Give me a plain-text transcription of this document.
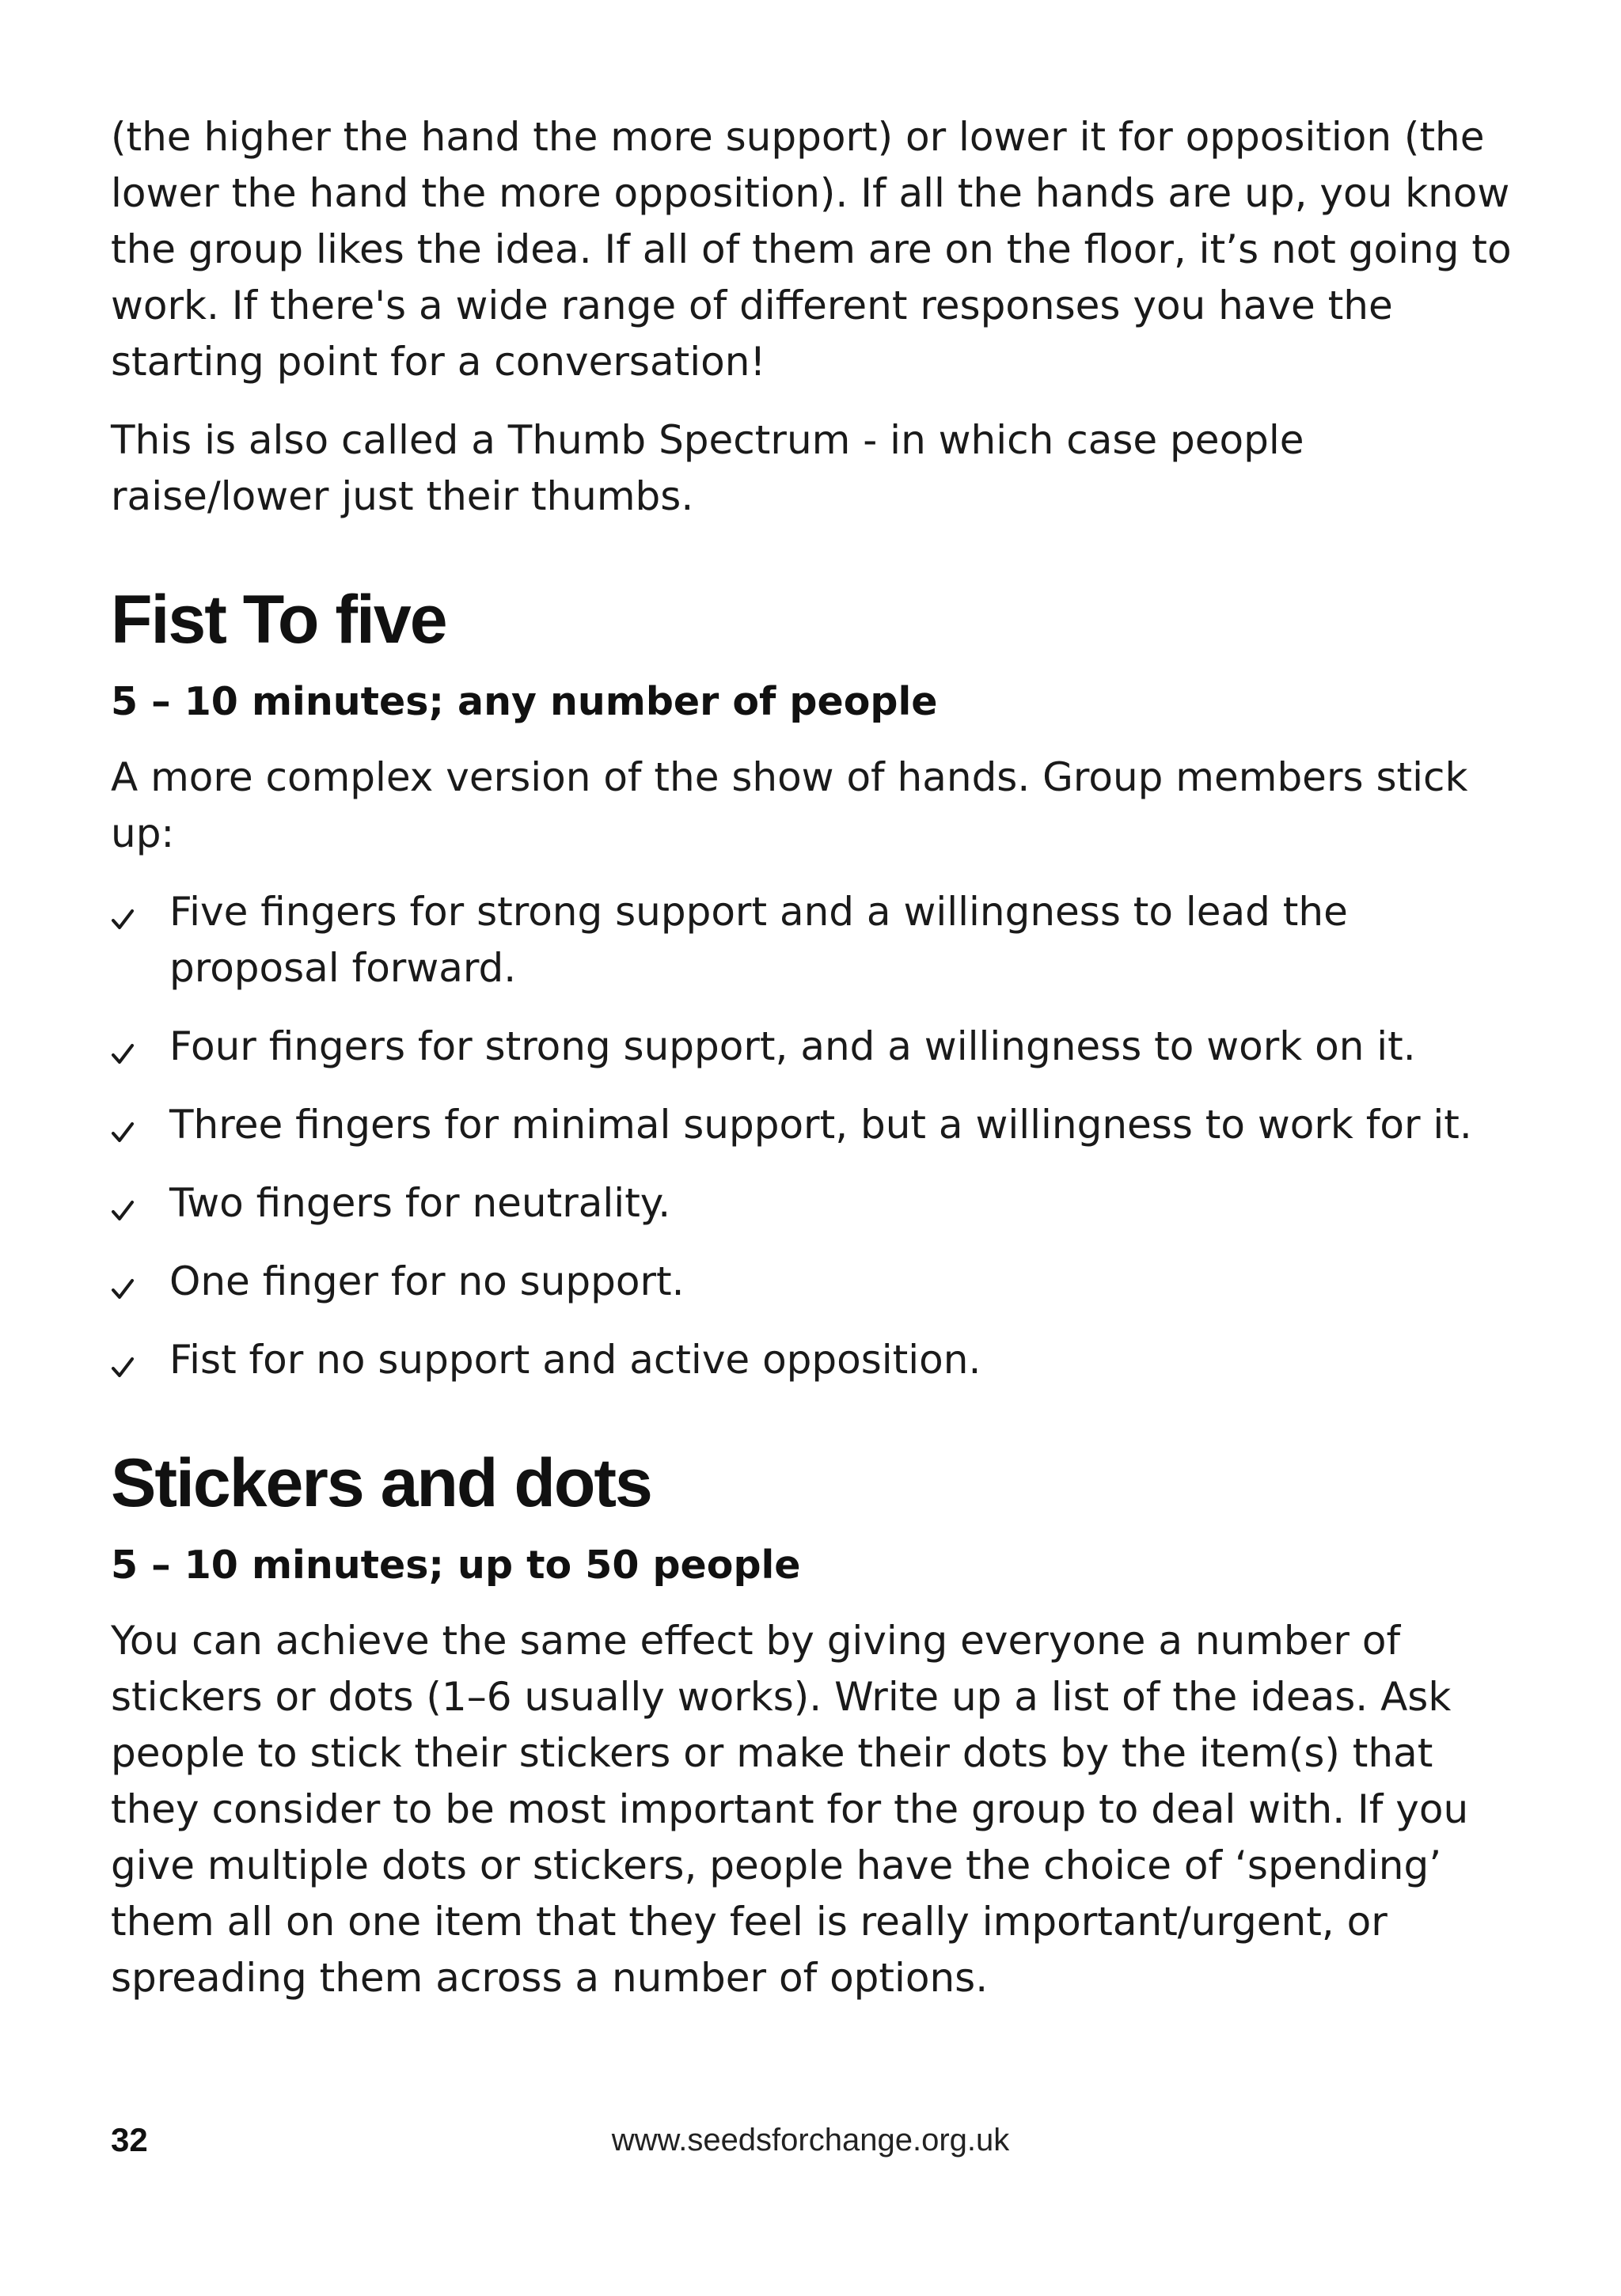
(the higher the hand the more support) or lower it for opposition (the lower the hand the more opposition). If all the hands are up, you know the group likes the idea. If all of them are on the floor, it’s not going to work. If there's a wide range of different responses you have the starting point for a conversation!

This is also called a Thumb Spectrum - in which case people raise/lower just their thumbs.

Fist To five
5 – 10 minutes; any number of people

A more complex version of the show of hands. Group members stick up:

Five fingers for strong support and a willingness to lead the proposal forward.
Four fingers for strong support, and a willingness to work on it.
Three fingers for minimal support, but a willingness to work for it.
Two fingers for neutrality.
One finger for no support.
Fist for no support and active opposition.
Stickers and dots
5 – 10 minutes; up to 50 people

You can achieve the same effect by giving everyone a number of stickers or dots (1–6 usually works). Write up a list of the ideas. Ask people to stick their stickers or make their dots by the item(s) that they consider to be most important for the group to deal with. If you give multiple dots or stickers, people have the choice of ‘spending’ them all on one item that they feel is really important/urgent, or spreading them across a number of options.

32	www.seedsforchange.org.uk
